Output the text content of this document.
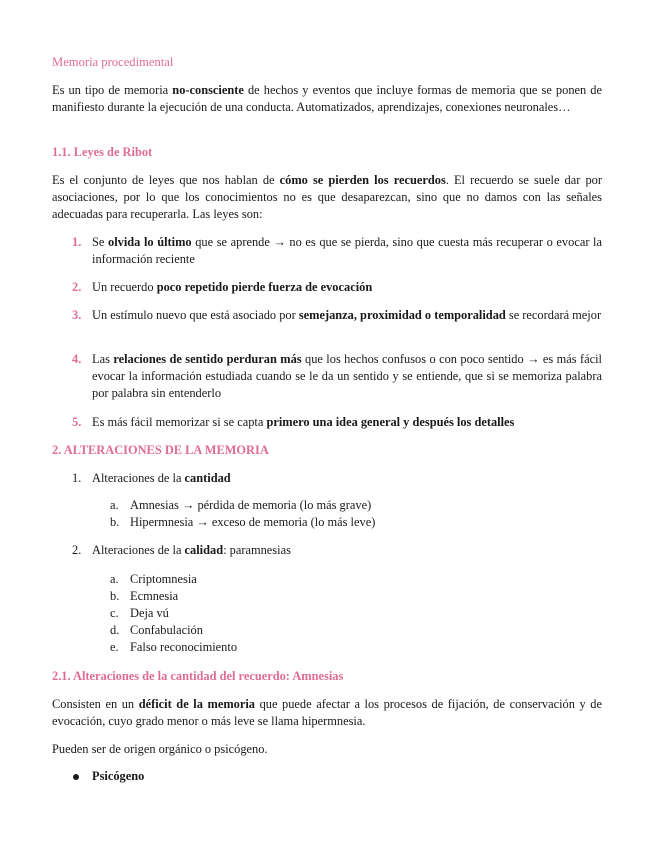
Memoria procedimental

Es un tipo de memoria no-consciente de hechos y eventos que incluye formas de memoria que se ponen de manifiesto durante la ejecución de una conducta. Automatizados, aprendizajes, conexiones neuronales…

1.1. Leyes de Ribot

Es el conjunto de leyes que nos hablan de cómo se pierden los recuerdos. El recuerdo se suele dar por asociaciones, por lo que los conocimientos no es que desaparezcan, sino que no damos con las señales adecuadas para recuperarla. Las leyes son:

1. Se olvida lo último que se aprende → no es que se pierda, sino que cuesta más recuperar o evocar la información reciente

2. Un recuerdo poco repetido pierde fuerza de evocación

3. Un estímulo nuevo que está asociado por semejanza, proximidad o temporalidad se recordará mejor

4. Las relaciones de sentido perduran más que los hechos confusos o con poco sentido → es más fácil evocar la información estudiada cuando se le da un sentido y se entiende, que si se memoriza palabra por palabra sin entenderlo

5. Es más fácil memorizar si se capta primero una idea general y después los detalles

2. ALTERACIONES DE LA MEMORIA

1. Alteraciones de la cantidad

a. Amnesias → pérdida de memoria (lo más grave)
b. Hipermnesia → exceso de memoria (lo más leve)
2. Alteraciones de la calidad: paramnesias

a. Criptomnesia
b. Ecmnesia
c. Deja vú
d. Confabulación
e. Falso reconocimiento

2.1. Alteraciones de la cantidad del recuerdo: Amnesias

Consisten en un déficit de la memoria que puede afectar a los procesos de fijación, de conservación y de evocación, cuyo grado menor o más leve se llama hipermnesia.

Pueden ser de origen orgánico o psicógeno.

Psicógeno
